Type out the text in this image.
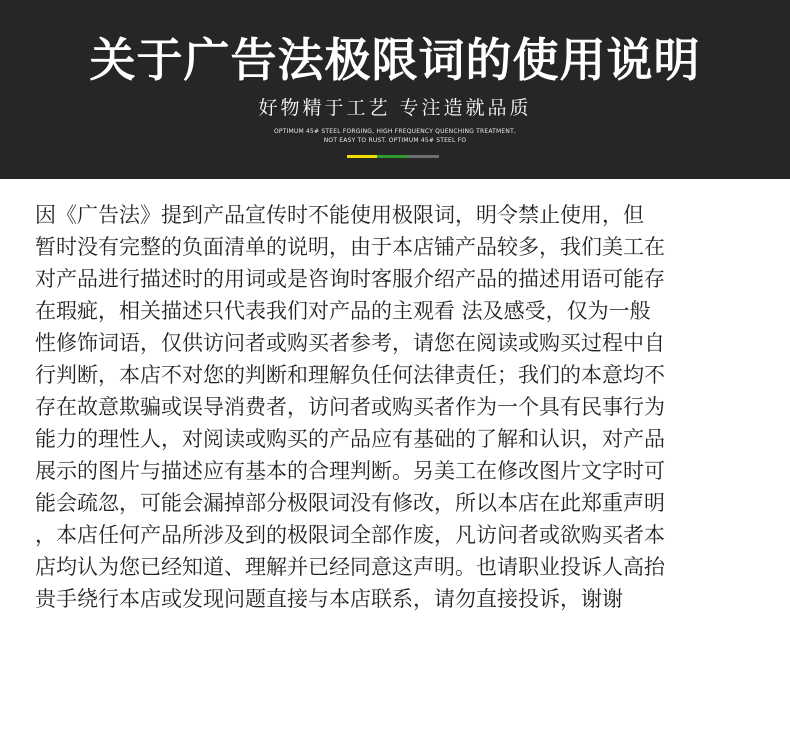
关于广告法极限词的使用说明
好物精于工艺 专注造就品质
OPTIMUM 45# STEEL FORGING, HIGH FREQUENCY QUENCHING TREATMENT,
NOT EASY TO RUST. OPTIMUM 45# STEEL FO
因《广告法》提到产品宣传时不能使用极限词，明令禁止使用，但
暂时没有完整的负面清单的说明，由于本店铺产品较多，我们美工在
对产品进行描述时的用词或是咨询时客服介绍产品的描述用语可能存
在瑕疵，相关描述只代表我们对产品的主观看 法及感受，仅为一般
性修饰词语，仅供访问者或购买者参考，请您在阅读或购买过程中自
行判断，本店不对您的判断和理解负任何法律责任；我们的本意均不
存在故意欺骗或误导消费者，访问者或购买者作为一个具有民事行为
能力的理性人，对阅读或购买的产品应有基础的了解和认识，对产品
展示的图片与描述应有基本的合理判断。另美工在修改图片文字时可
能会疏忽，可能会漏掉部分极限词没有修改，所以本店在此郑重声明
，本店任何产品所涉及到的极限词全部作废，凡访问者或欲购买者本
店均认为您已经知道、理解并已经同意这声明。也请职业投诉人高抬
贵手绕行本店或发现问题直接与本店联系，请勿直接投诉，谢谢
